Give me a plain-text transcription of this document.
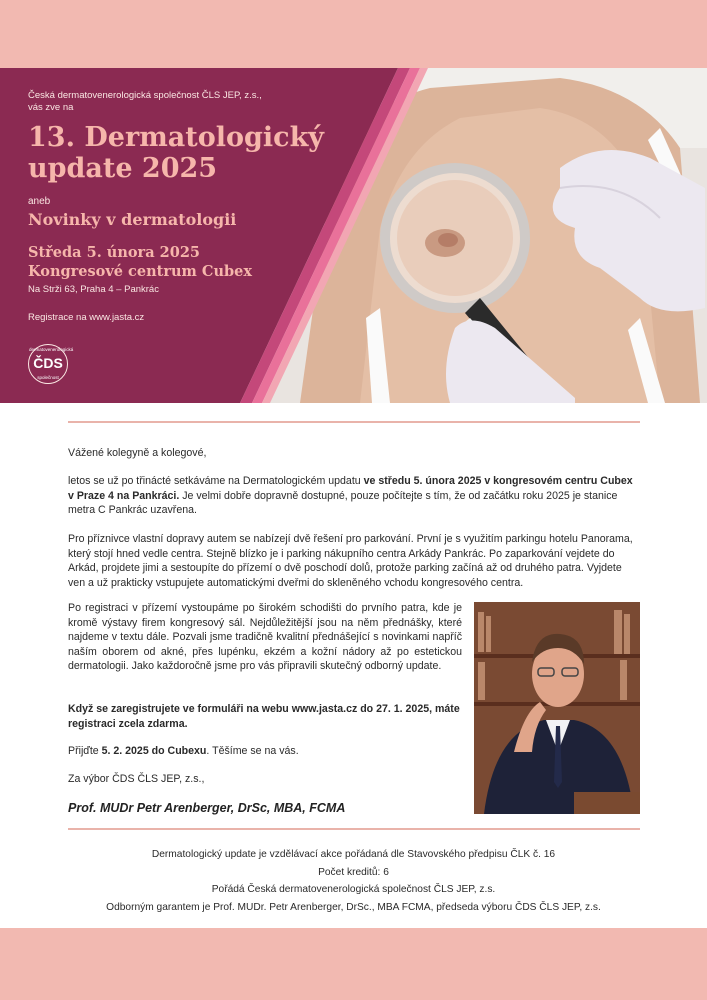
Česká dermatovenerologická společnost ČLS JEP, z.s.,
vás zve na
13. Dermatologický
update 2025
aneb
Novinky v dermatologii
Středa 5. února 2025
Kongresové centrum Cubex
Na Strži 63, Praha 4 – Pankrác
Registrace na www.jasta.cz
dermatovenerologická
ČDS
společnost
Vážené kolegyně a kolegové,

letos se už po třinácté setkáváme na Dermatologickém updatu ve středu 5. února 2025 v kongresovém centru Cubex v Praze 4 na Pankráci. Je velmi dobře dopravně dostupné, pouze počítejte s tím, že od začátku roku 2025 je stanice metra C Pankrác uzavřena.

Pro příznivce vlastní dopravy autem se nabízejí dvě řešení pro parkování. První je s využitím parkingu hotelu Panorama, který stojí hned vedle centra. Stejně blízko je i parking nákupního centra Arkády Pankrác. Po zaparkování vejdete do Arkád, projdete jimi a sestoupíte do přízemí o dvě poschodí dolů, protože parking začíná až od druhého patra. Vyjdete ven a už prakticky vstupujete automatickými dveřmi do skleněného vchodu kongresového centra.

Po registraci v přízemí vystoupáme po širokém schodišti do prvního patra, kde je kromě výstavy firem kongresový sál. Nejdůležitější jsou na něm přednášky, které najdeme v textu dále. Pozvali jsme tradičně kvalitní přednášející s novinkami napříč naším oborem od akné, přes lupénku, ekzém a kožní nádory až po estetickou dermatologii. Jako každoročně jsme pro vás připravili skutečný odborný update.

Když se zaregistrujete ve formuláři na webu www.jasta.cz do 27. 1. 2025, máte registraci zcela zdarma.

Přijďte 5. 2. 2025 do Cubexu. Těšíme se na vás.

Za výbor ČDS ČLS JEP, z.s.,

Prof. MUDr Petr Arenberger, DrSc, MBA, FCMA
Dermatologický update je vzdělávací akce pořádaná dle Stavovského předpisu ČLK č. 16
Počet kreditů: 6
Pořádá Česká dermatovenerologická společnost ČLS JEP, z.s.
Odborným garantem je Prof. MUDr. Petr Arenberger, DrSc., MBA FCMA, předseda výboru ČDS ČLS JEP, z.s.
